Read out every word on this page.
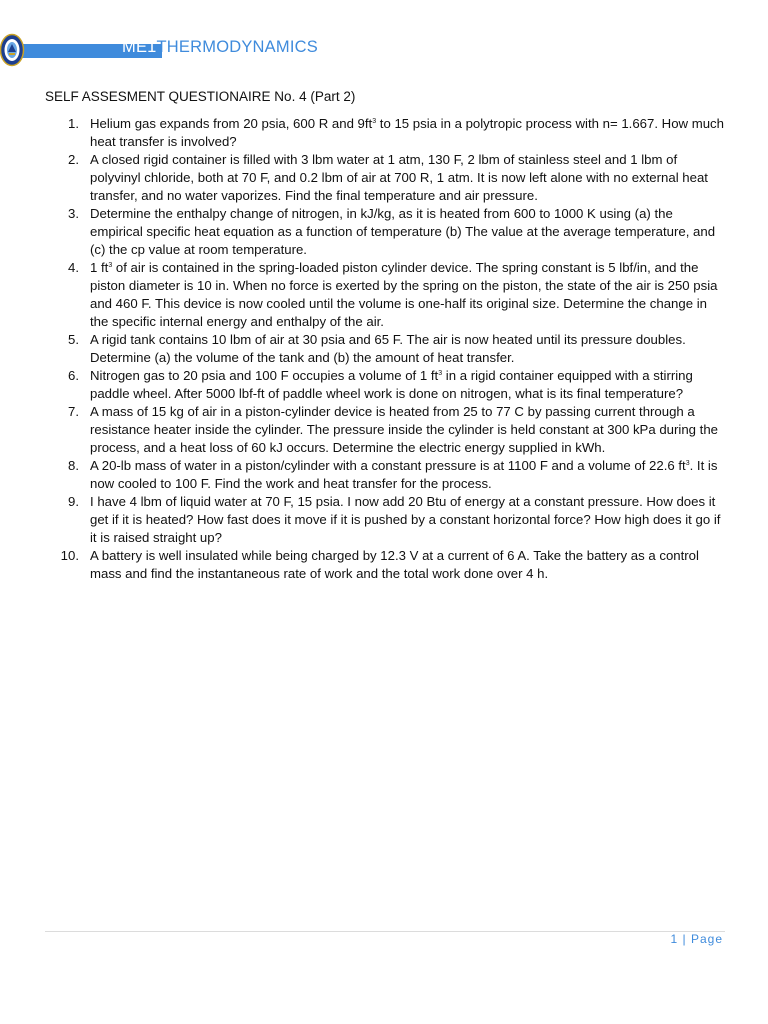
ME1THERMODYNAMICS
SELF ASSESMENT QUESTIONAIRE No. 4 (Part 2)
1. Helium gas expands from 20 psia, 600 R and $9ft^3$ to 15 psia in a polytropic process with n= 1.667. How much heat transfer is involved?
2. A closed rigid container is filled with 3 lbm water at 1 atm, 130 F, 2 lbm of stainless steel and 1 lbm of polyvinyl chloride, both at 70 F, and 0.2 lbm of air at 700 R, 1 atm. It is now left alone with no external heat transfer, and no water vaporizes. Find the final temperature and air pressure.
3. Determine the enthalpy change of nitrogen, in kJ/kg, as it is heated from 600 to 1000 K using (a) the empirical specific heat equation as a function of temperature (b) The value at the average temperature, and (c) the cp value at room temperature.
4. 1 $ft^3$ of air is contained in the spring-loaded piston cylinder device. The spring constant is 5 lbf/in, and the piston diameter is 10 in. When no force is exerted by the spring on the piston, the state of the air is 250 psia and 460 F. This device is now cooled until the volume is one-half its original size. Determine the change in the specific internal energy and enthalpy of the air.
5. A rigid tank contains 10 lbm of air at 30 psia and 65 F. The air is now heated until its pressure doubles. Determine (a) the volume of the tank and (b) the amount of heat transfer.
6. Nitrogen gas to 20 psia and 100 F occupies a volume of 1 $ft^3$ in a rigid container equipped with a stirring paddle wheel. After 5000 lbf-ft of paddle wheel work is done on nitrogen, what is its final temperature?
7. A mass of 15 kg of air in a piston-cylinder device is heated from 25 to 77 C by passing current through a resistance heater inside the cylinder. The pressure inside the cylinder is held constant at 300 kPa during the process, and a heat loss of 60 kJ occurs. Determine the electric energy supplied in kWh.
8. A 20-lb mass of water in a piston/cylinder with a constant pressure is at 1100 F and a volume of 22.6 $ft^3$. It is now cooled to 100 F. Find the work and heat transfer for the process.
9. I have 4 lbm of liquid water at 70 F, 15 psia. I now add 20 Btu of energy at a constant pressure. How does it get if it is heated? How fast does it move if it is pushed by a constant horizontal force? How high does it go if it is raised straight up?
10. A battery is well insulated while being charged by 12.3 V at a current of 6 A. Take the battery as a control mass and find the instantaneous rate of work and the total work done over 4 h.
1 | Page
